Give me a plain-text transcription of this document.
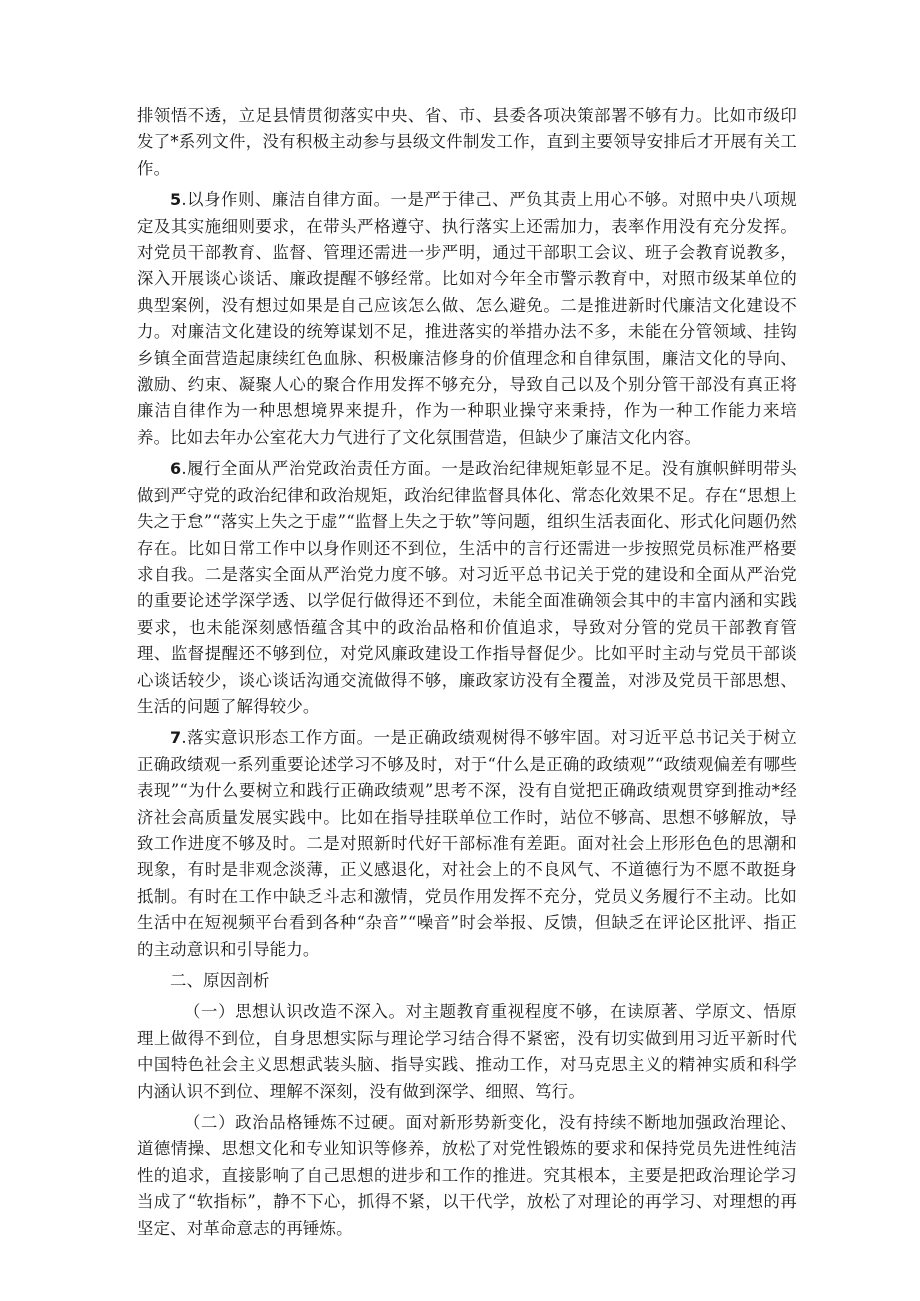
排领悟不透，立足县情贯彻落实中央、省、市、县委各项决策部署不够有力。比如市级印发了*系列文件，没有积极主动参与县级文件制发工作，直到主要领导安排后才开展有关工作。

5.以身作则、廉洁自律方面。一是严于律己、严负其责上用心不够。对照中央八项规定及其实施细则要求，在带头严格遵守、执行落实上还需加力，表率作用没有充分发挥。对党员干部教育、监督、管理还需进一步严明，通过干部职工会议、班子会教育说教多，深入开展谈心谈话、廉政提醒不够经常。比如对今年全市警示教育中，对照市级某单位的典型案例，没有想过如果是自己应该怎么做、怎么避免。二是推进新时代廉洁文化建设不力。对廉洁文化建设的统筹谋划不足，推进落实的举措办法不多，未能在分管领域、挂钩乡镇全面营造起康续红色血脉、积极廉洁修身的价值理念和自律氛围，廉洁文化的导向、激励、约束、凝聚人心的聚合作用发挥不够充分，导致自己以及个别分管干部没有真正将廉洁自律作为一种思想境界来提升，作为一种职业操守来秉持，作为一种工作能力来培养。比如去年办公室花大力气进行了文化氛围营造，但缺少了廉洁文化内容。

6.履行全面从严治党政治责任方面。一是政治纪律规矩彰显不足。没有旗帜鲜明带头做到严守党的政治纪律和政治规矩，政治纪律监督具体化、常态化效果不足。存在“思想上失之于怠”“落实上失之于虚”“监督上失之于软”等问题，组织生活表面化、形式化问题仍然存在。比如日常工作中以身作则还不到位，生活中的言行还需进一步按照党员标准严格要求自我。二是落实全面从严治党力度不够。对习近平总书记关于党的建设和全面从严治党的重要论述学深学透、以学促行做得还不到位，未能全面准确领会其中的丰富内涵和实践要求，也未能深刻感悟蕴含其中的政治品格和价值追求，导致对分管的党员干部教育管理、监督提醒还不够到位，对党风廉政建设工作指导督促少。比如平时主动与党员干部谈心谈话较少，谈心谈话沟通交流做得不够，廉政家访没有全覆盖，对涉及党员干部思想、生活的问题了解得较少。

7.落实意识形态工作方面。一是正确政绩观树得不够牢固。对习近平总书记关于树立正确政绩观一系列重要论述学习不够及时，对于“什么是正确的政绩观”“政绩观偏差有哪些表现”“为什么要树立和践行正确政绩观”思考不深，没有自觉把正确政绩观贯穿到推动*经济社会高质量发展实践中。比如在指导挂联单位工作时，站位不够高、思想不够解放，导致工作进度不够及时。二是对照新时代好干部标准有差距。面对社会上形形色色的思潮和现象，有时是非观念淡薄，正义感退化，对社会上的不良风气、不道德行为不愿不敢挺身抵制。有时在工作中缺乏斗志和激情，党员作用发挥不充分，党员义务履行不主动。比如生活中在短视频平台看到各种“杂音”“噪音”时会举报、反馈，但缺乏在评论区批评、指正的主动意识和引导能力。

二、原因剖析

（一）思想认识改造不深入。对主题教育重视程度不够，在读原著、学原文、悟原理上做得不到位，自身思想实际与理论学习结合得不紧密，没有切实做到用习近平新时代中国特色社会主义思想武装头脑、指导实践、推动工作，对马克思主义的精神实质和科学内涵认识不到位、理解不深刻，没有做到深学、细照、笃行。

（二）政治品格锤炼不过硬。面对新形势新变化，没有持续不断地加强政治理论、道德情操、思想文化和专业知识等修养，放松了对党性锻炼的要求和保持党员先进性纯洁性的追求，直接影响了自己思想的进步和工作的推进。究其根本，主要是把政治理论学习当成了“软指标”，静不下心，抓得不紧，以干代学，放松了对理论的再学习、对理想的再坚定、对革命意志的再锤炼。
